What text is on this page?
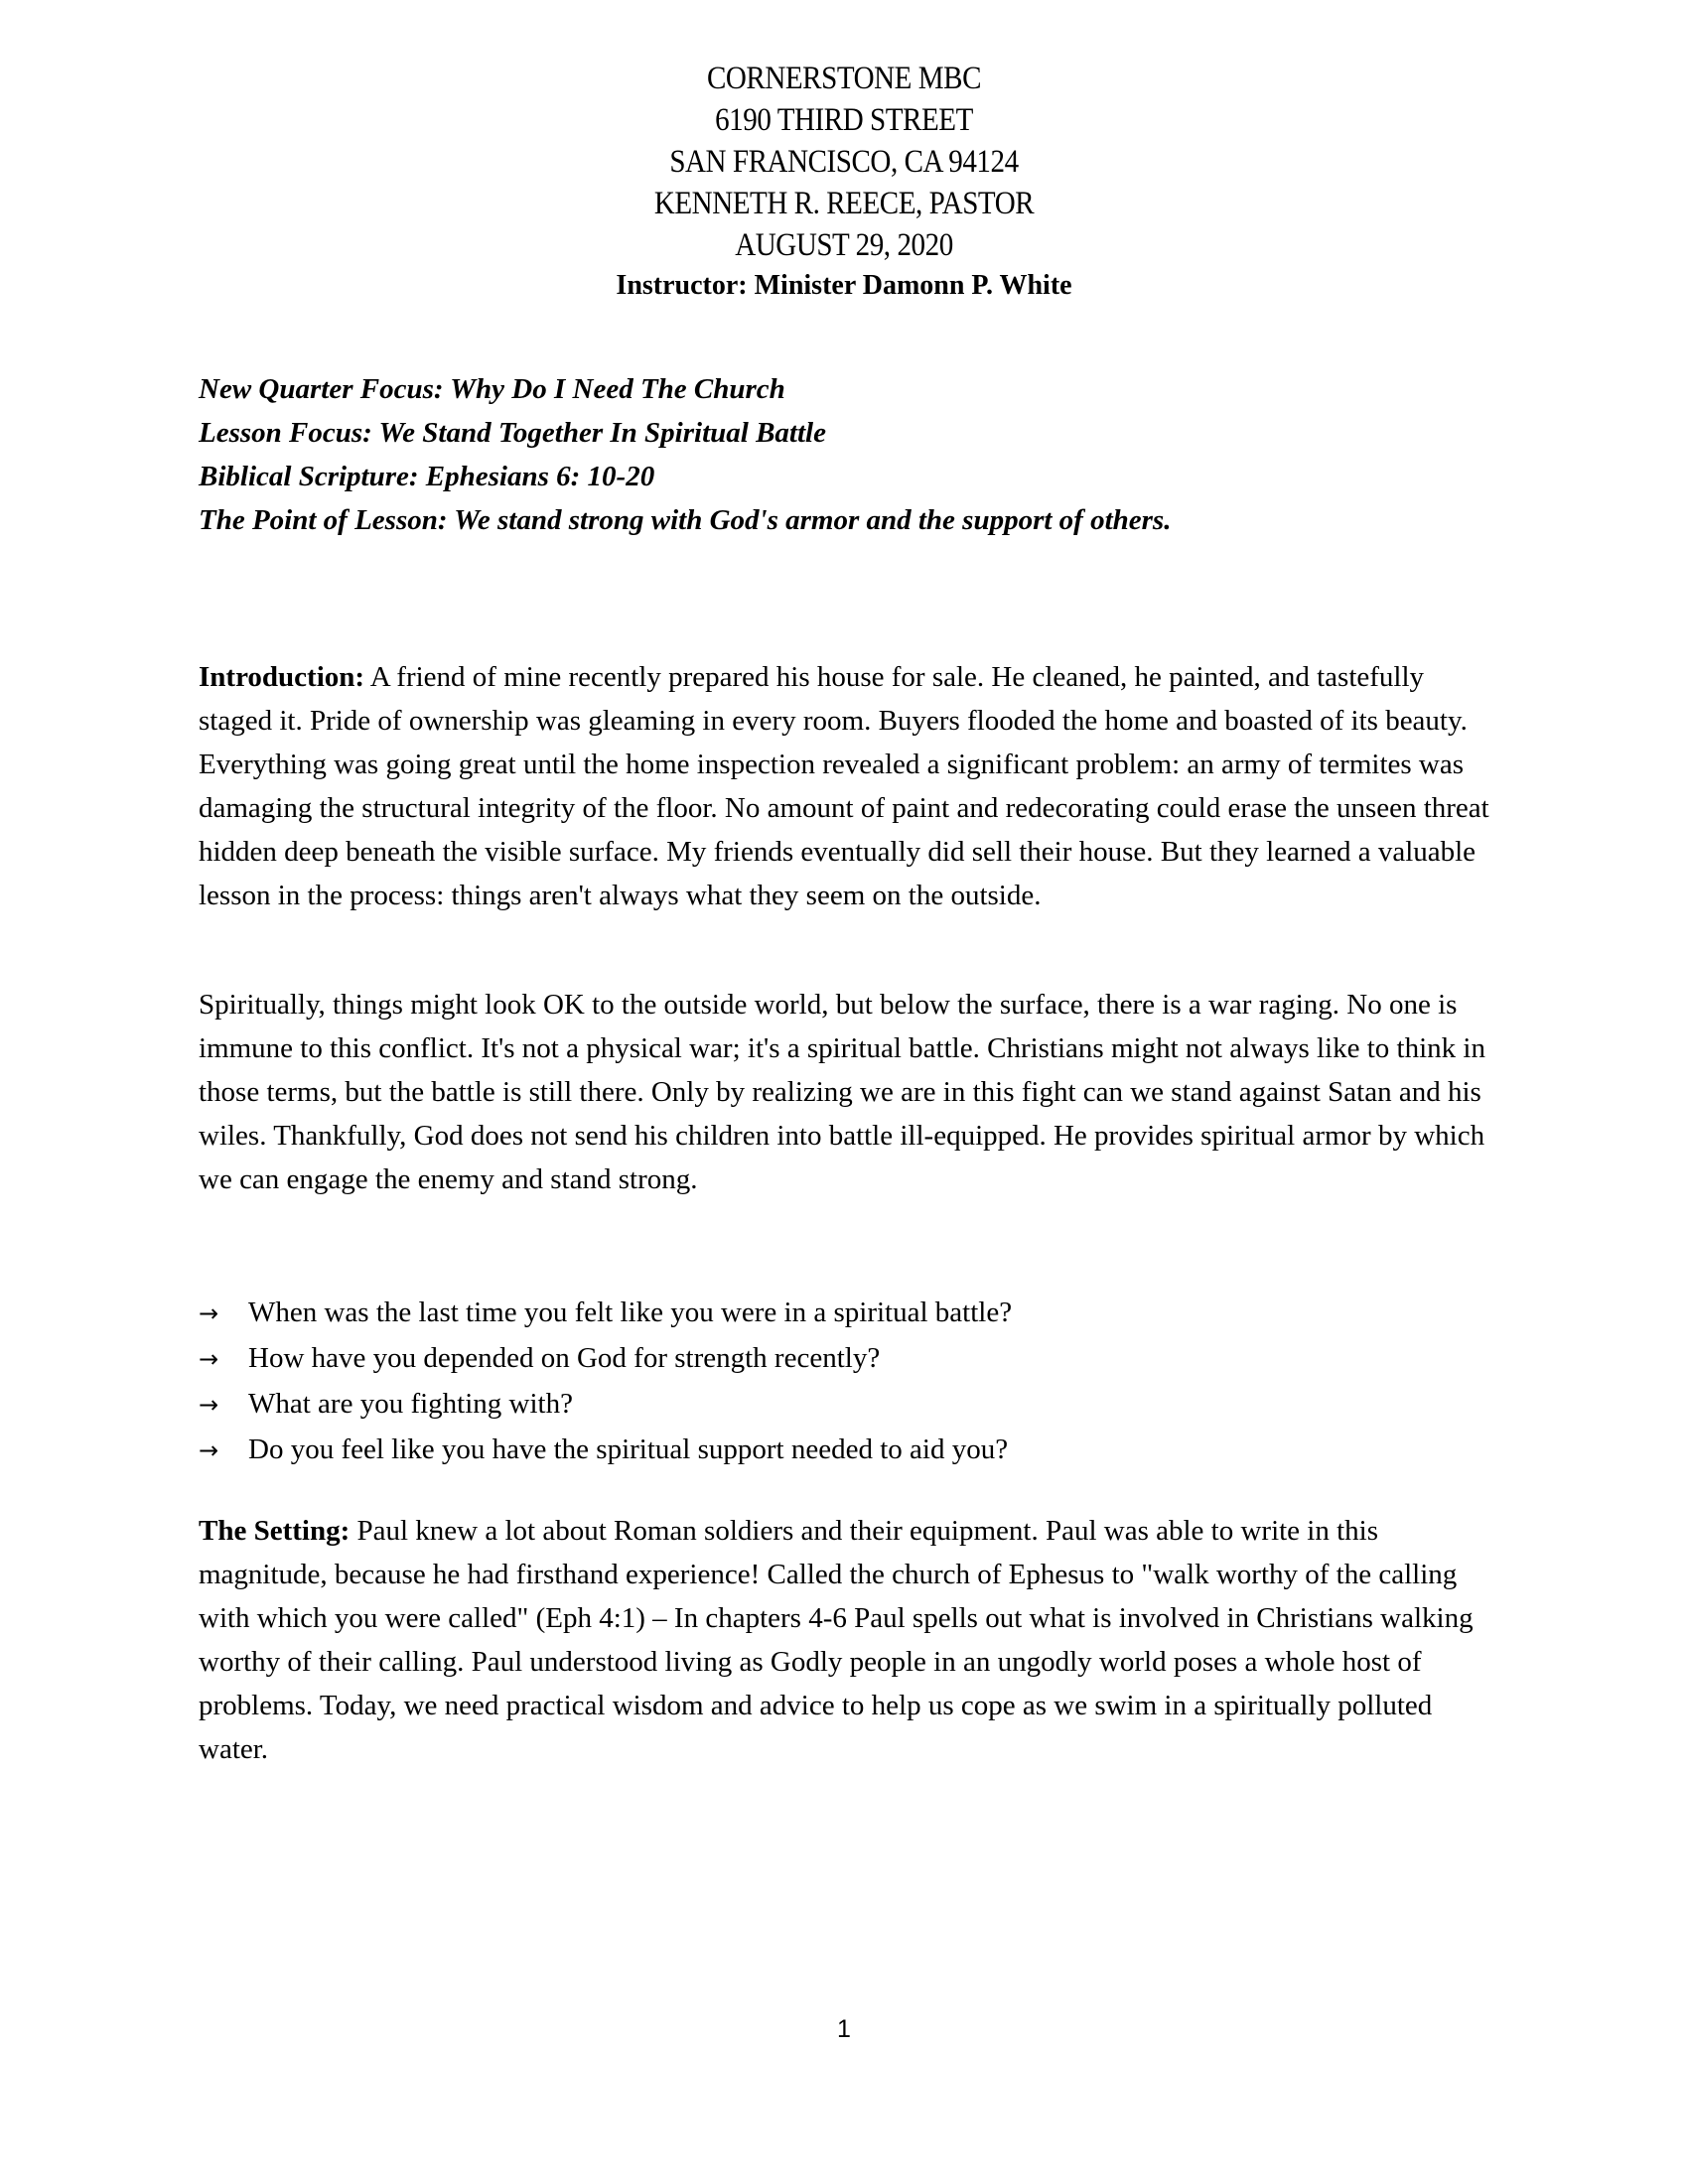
CORNERSTONE MBC
6190 THIRD STREET
SAN FRANCISCO, CA 94124
KENNETH R. REECE, PASTOR
AUGUST 29, 2020
Instructor: Minister Damonn P. White
New Quarter Focus: Why Do I Need The Church
Lesson Focus: We Stand Together In Spiritual Battle
Biblical Scripture: Ephesians 6: 10-20
The Point of Lesson: We stand strong with God's armor and the support of others.

Introduction: A friend of mine recently prepared his house for sale. He cleaned, he painted, and tastefully staged it. Pride of ownership was gleaming in every room. Buyers flooded the home and boasted of its beauty. Everything was going great until the home inspection revealed a significant problem: an army of termites was damaging the structural integrity of the floor. No amount of paint and redecorating could erase the unseen threat hidden deep beneath the visible surface. My friends eventually did sell their house. But they learned a valuable lesson in the process: things aren't always what they seem on the outside.

Spiritually, things might look OK to the outside world, but below the surface, there is a war raging. No one is immune to this conflict. It's not a physical war; it's a spiritual battle. Christians might not always like to think in those terms, but the battle is still there. Only by realizing we are in this fight can we stand against Satan and his wiles. Thankfully, God does not send his children into battle ill-equipped. He provides spiritual armor by which we can engage the enemy and stand strong.

→	When was the last time you felt like you were in a spiritual battle?
→	How have you depended on God for strength recently?
→	What are you fighting with?
→	Do you feel like you have the spiritual support needed to aid you?

The Setting: Paul knew a lot about Roman soldiers and their equipment. Paul was able to write in this magnitude, because he had firsthand experience! Called the church of Ephesus to "walk worthy of the calling with which you were called" (Eph 4:1) – In chapters 4-6 Paul spells out what is involved in Christians walking worthy of their calling. Paul understood living as Godly people in an ungodly world poses a whole host of problems. Today, we need practical wisdom and advice to help us cope as we swim in a spiritually polluted water.

1
